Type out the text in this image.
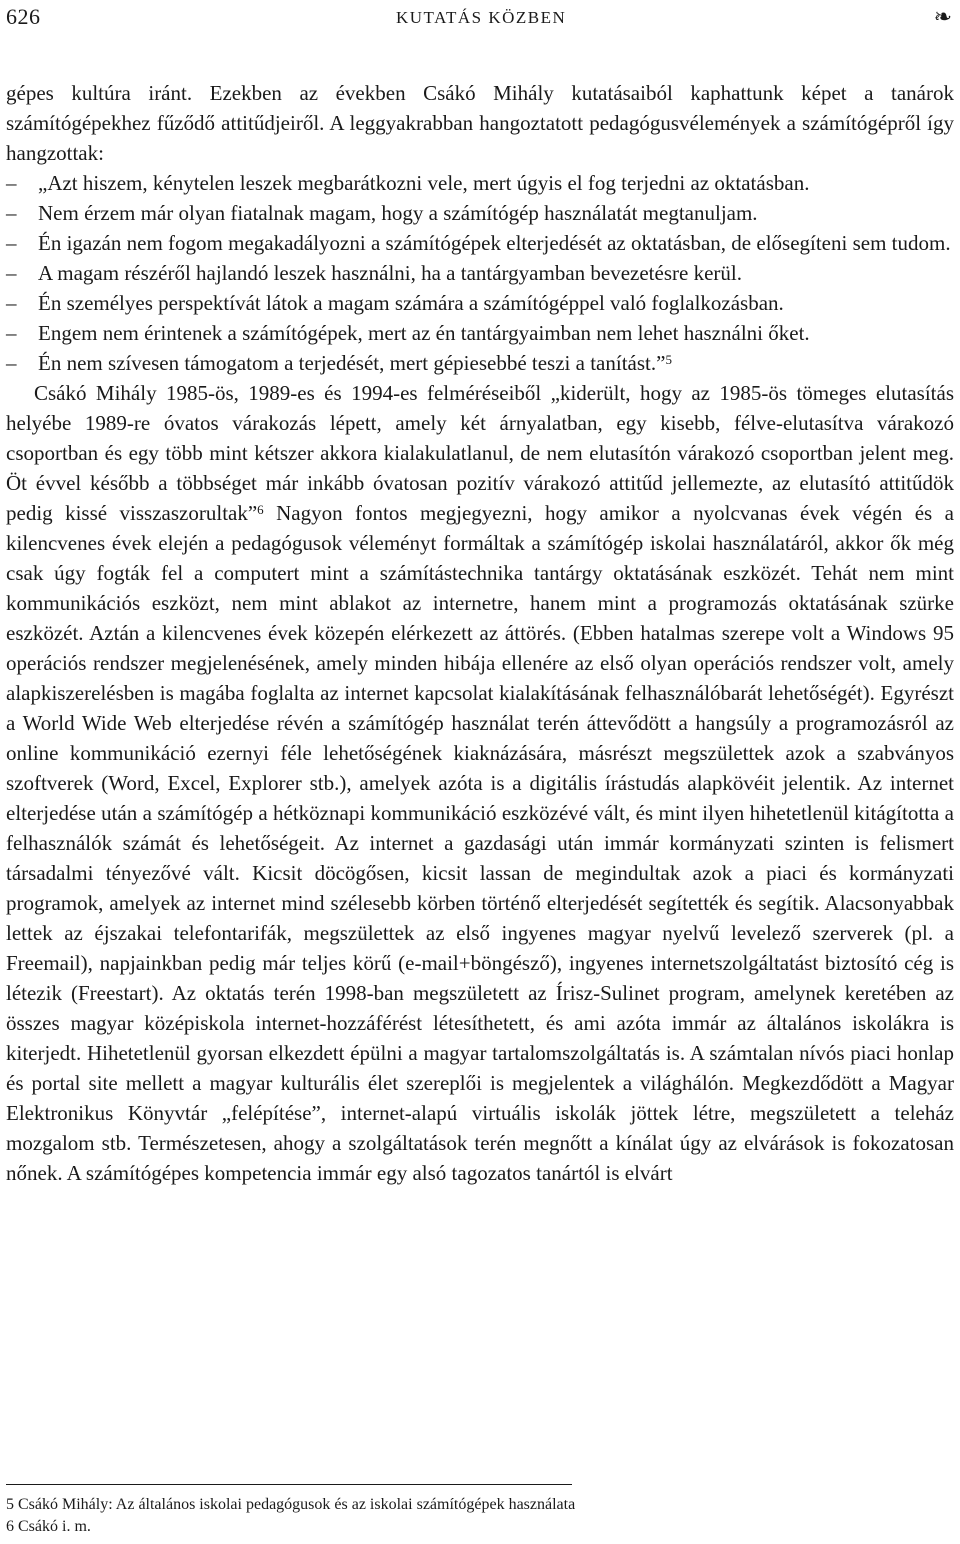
626	KUTATÁS KÖZBEN	❧

gépes kultúra iránt. Ezekben az években Csákó Mihály kutatásaiból kaphattunk képet a tanárok számítógépekhez fűződő attitűdjeiről. A leggyakrabban hangoztatott pedagógusvélemények a számítógépről így hangzottak:

– „Azt hiszem, kénytelen leszek megbarátkozni vele, mert úgyis el fog terjedni az oktatásban.
– Nem érzem már olyan fiatalnak magam, hogy a számítógép használatát megtanuljam.
– Én igazán nem fogom megakadályozni a számítógépek elterjedését az oktatásban, de elősegíteni sem tudom.
– A magam részéről hajlandó leszek használni, ha a tantárgyamban bevezetésre kerül.
– Én személyes perspektívát látok a magam számára a számítógéppel való foglalkozásban.
– Engem nem érintenek a számítógépek, mert az én tantárgyaimban nem lehet használni őket.
– Én nem szívesen támogatom a terjedését, mert gépiesebbé teszi a tanítást.”$^5$

Csákó Mihály 1985-ös, 1989-es és 1994-es felméréseiből „kiderült, hogy az 1985-ös tömeges elutasítás helyébe 1989-re óvatos várakozás lépett, amely két árnyalatban, egy kisebb, félve-elutasítva várakozó csoportban és egy több mint kétszer akkora kialakulatlanul, de nem elutasítón várakozó csoportban jelent meg. Öt évvel később a többséget már inkább óvatosan pozitív várakozó attitűd jellemezte, az elutasító attitűdök pedig kissé visszaszorultak”$^6$ Nagyon fontos megjegyezni, hogy amikor a nyolcvanas évek végén és a kilencvenes évek elején a pedagógusok véleményt formáltak a számítógép iskolai használatáról, akkor ők még csak úgy fogták fel a computert mint a számítástechnika tantárgy oktatásának eszközét. Tehát nem mint kommunikációs eszközt, nem mint ablakot az internetre, hanem mint a programozás oktatásának szürke eszközét. Aztán a kilencvenes évek közepén elérkezett az áttörés. (Ebben hatalmas szerepe volt a Windows 95 operációs rendszer megjelenésének, amely minden hibája ellenére az első olyan operációs rendszer volt, amely alapkiszerelésben is magába foglalta az internet kapcsolat kialakításának felhasználóbarát lehetőségét). Egyrészt a World Wide Web elterjedése révén a számítógép használat terén áttevődött a hangsúly a programozásról az online kommunikáció ezernyi féle lehetőségének kiaknázására, másrészt megszülettek azok a szabványos szoftverek (Word, Excel, Explorer stb.), amelyek azóta is a digitális írástudás alapkövéit jelentik. Az internet elterjedése után a számítógép a hétköznapi kommunikáció eszközévé vált, és mint ilyen hihetetlenül kitágította a felhasználók számát és lehetőségeit. Az internet a gazdasági után immár kormányzati szinten is felismert társadalmi tényezővé vált. Kicsit döcögősen, kicsit lassan de megindultak azok a piaci és kormányzati programok, amelyek az internet mind szélesebb körben történő elterjedését segítették és segítik. Alacsonyabbak lettek az éjszakai telefontarifák, megszülettek az első ingyenes magyar nyelvű levelező szerverek (pl. a Freemail), napjainkban pedig már teljes körű (e-mail+böngésző), ingyenes internetszolgáltatást biztosító cég is létezik (Freestart). Az oktatás terén 1998-ban megszületett az Írisz-Sulinet program, amelynek keretében az összes magyar középiskola internet-hozzáférést létesíthetett, és ami azóta immár az általános iskolákra is kiterjedt. Hihetetlenül gyorsan elkezdett épülni a magyar tartalomszolgáltatás is. A számtalan nívós piaci honlap és portal site mellett a magyar kulturális élet szereplői is megjelentek a világhálón. Megkezdődött a Magyar Elektronikus Könyvtár „felépítése”, internet-alapú virtuális iskolák jöttek létre, megszületett a teleház mozgalom stb. Természetesen, ahogy a szolgáltatások terén megnőtt a kínálat úgy az elvárások is fokozatosan nőnek. A számítógépes kompetencia immár egy alsó tagozatos tanártól is elvárt

5 Csákó Mihály: Az általános iskolai pedagógusok és az iskolai számítógépek használata
6 Csákó i. m.
